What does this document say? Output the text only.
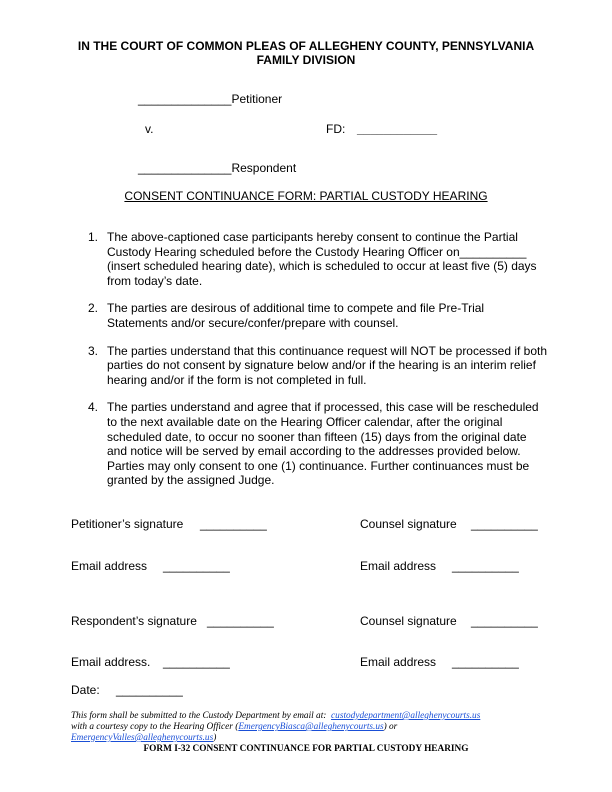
IN THE COURT OF COMMON PLEAS OF ALLEGHENY COUNTY, PENNSYLVANIA
FAMILY DIVISION
______________Petitioner
v.	FD: ____________
______________Respondent
CONSENT CONTINUANCE FORM: PARTIAL CUSTODY HEARING
1. The above-captioned case participants hereby consent to continue the Partial Custody Hearing scheduled before the Custody Hearing Officer on__________ (insert scheduled hearing date), which is scheduled to occur at least five (5) days from today’s date.
2. The parties are desirous of additional time to compete and file Pre-Trial Statements and/or secure/confer/prepare with counsel.
3. The parties understand that this continuance request will NOT be processed if both parties do not consent by signature below and/or if the hearing is an interim relief hearing and/or if the form is not completed in full.
4. The parties understand and agree that if processed, this case will be rescheduled to the next available date on the Hearing Officer calendar, after the original scheduled date, to occur no sooner than fifteen (15) days from the original date and notice will be served by email according to the addresses provided below. Parties may only consent to one (1) continuance. Further continuances must be granted by the assigned Judge.
Petitioner’s signature __________	Counsel signature __________
Email address __________	Email address __________
Respondent’s signature __________	Counsel signature __________
Email address. __________	Email address __________
Date: __________
This form shall be submitted to the Custody Department by email at: custodydepartment@alleghenycourts.us
with a courtesy copy to the Hearing Officer (EmergencyBiasca@alleghenycourts.us) or
EmergencyValles@alleghenycourts.us)
FORM I-32 CONSENT CONTINUANCE FOR PARTIAL CUSTODY HEARING
